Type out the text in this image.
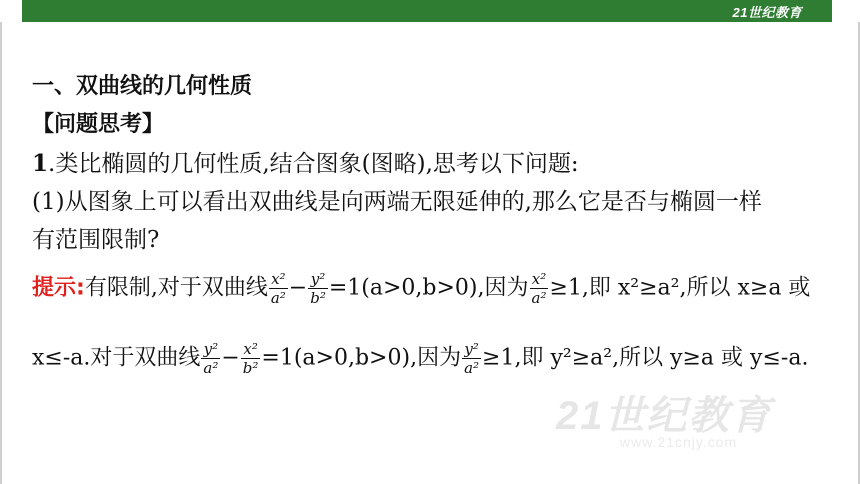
21世纪教育
一、双曲线的几何性质
【问题思考】
1.类比椭圆的几何性质,结合图象(图略),思考以下问题:
(1)从图象上可以看出双曲线是向两端无限延伸的,那么它是否与椭圆一样
有范围限制?
提示:有限制,对于双曲线 $\frac{\text{x²}}{\text{a²}} - \frac{\text{y²}}{\text{b²}} =1(a>0,b>0)$,因为 $\frac{\text{x²}}{\text{a²}} \ge 1$,即 x²≥a²,所以 x≥a 或
x≤-a.对于双曲线 $\frac{\text{y²}}{\text{a²}} - \frac{\text{x²}}{\text{b²}} =1(a>0,b>0)$,因为 $\frac{\text{y²}}{\text{a²}} \ge 1$,即 y²≥a²,所以 y≥a 或 y≤-a.
21世纪教育
www.21cnjy.com
